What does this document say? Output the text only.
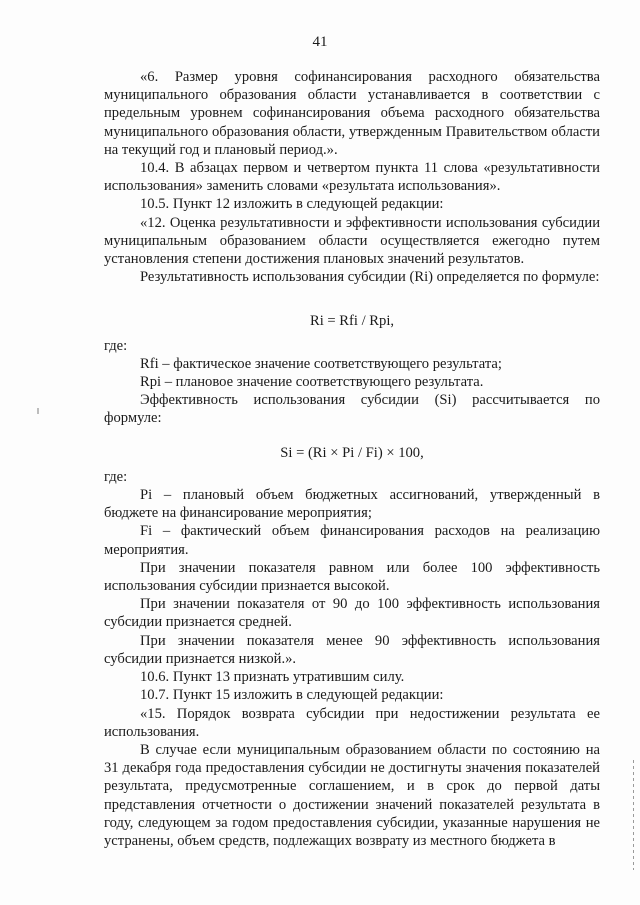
41

«6. Размер уровня софинансирования расходного обязательства муниципального образования области устанавливается в соответствии с предельным уровнем софинансирования объема расходного обязательства муниципального образования области, утвержденным Правительством области на текущий год и плановый период.».

10.4. В абзацах первом и четвертом пункта 11 слова «результативности использования» заменить словами «результата использования».

10.5. Пункт 12 изложить в следующей редакции:

«12. Оценка результативности и эффективности использования субсидии муниципальным образованием области осуществляется ежегодно путем установления степени достижения плановых значений результатов.

Результативность использования субсидии (Ri) определяется по формуле:

Ri = Rfi / Rpi,

где:

Rfi – фактическое значение соответствующего результата;

Rpi – плановое значение соответствующего результата.

Эффективность использования субсидии (Si) рассчитывается по формуле:

Si = (Ri × Pi / Fi) × 100,

где:

Pi – плановый объем бюджетных ассигнований, утвержденный в бюджете на финансирование мероприятия;

Fi – фактический объем финансирования расходов на реализацию мероприятия.

При значении показателя равном или более 100 эффективность использования субсидии признается высокой.

При значении показателя от 90 до 100 эффективность использования субсидии признается средней.

При значении показателя менее 90 эффективность использования субсидии признается низкой.».

10.6. Пункт 13 признать утратившим силу.

10.7. Пункт 15 изложить в следующей редакции:

«15. Порядок возврата субсидии при недостижении результата ее использования.

В случае если муниципальным образованием области по состоянию на 31 декабря года предоставления субсидии не достигнуты значения показателей результата, предусмотренные соглашением, и в срок до первой даты представления отчетности о достижении значений показателей результата в году, следующем за годом предоставления субсидии, указанные нарушения не устранены, объем средств, подлежащих возврату из местного бюджета в
